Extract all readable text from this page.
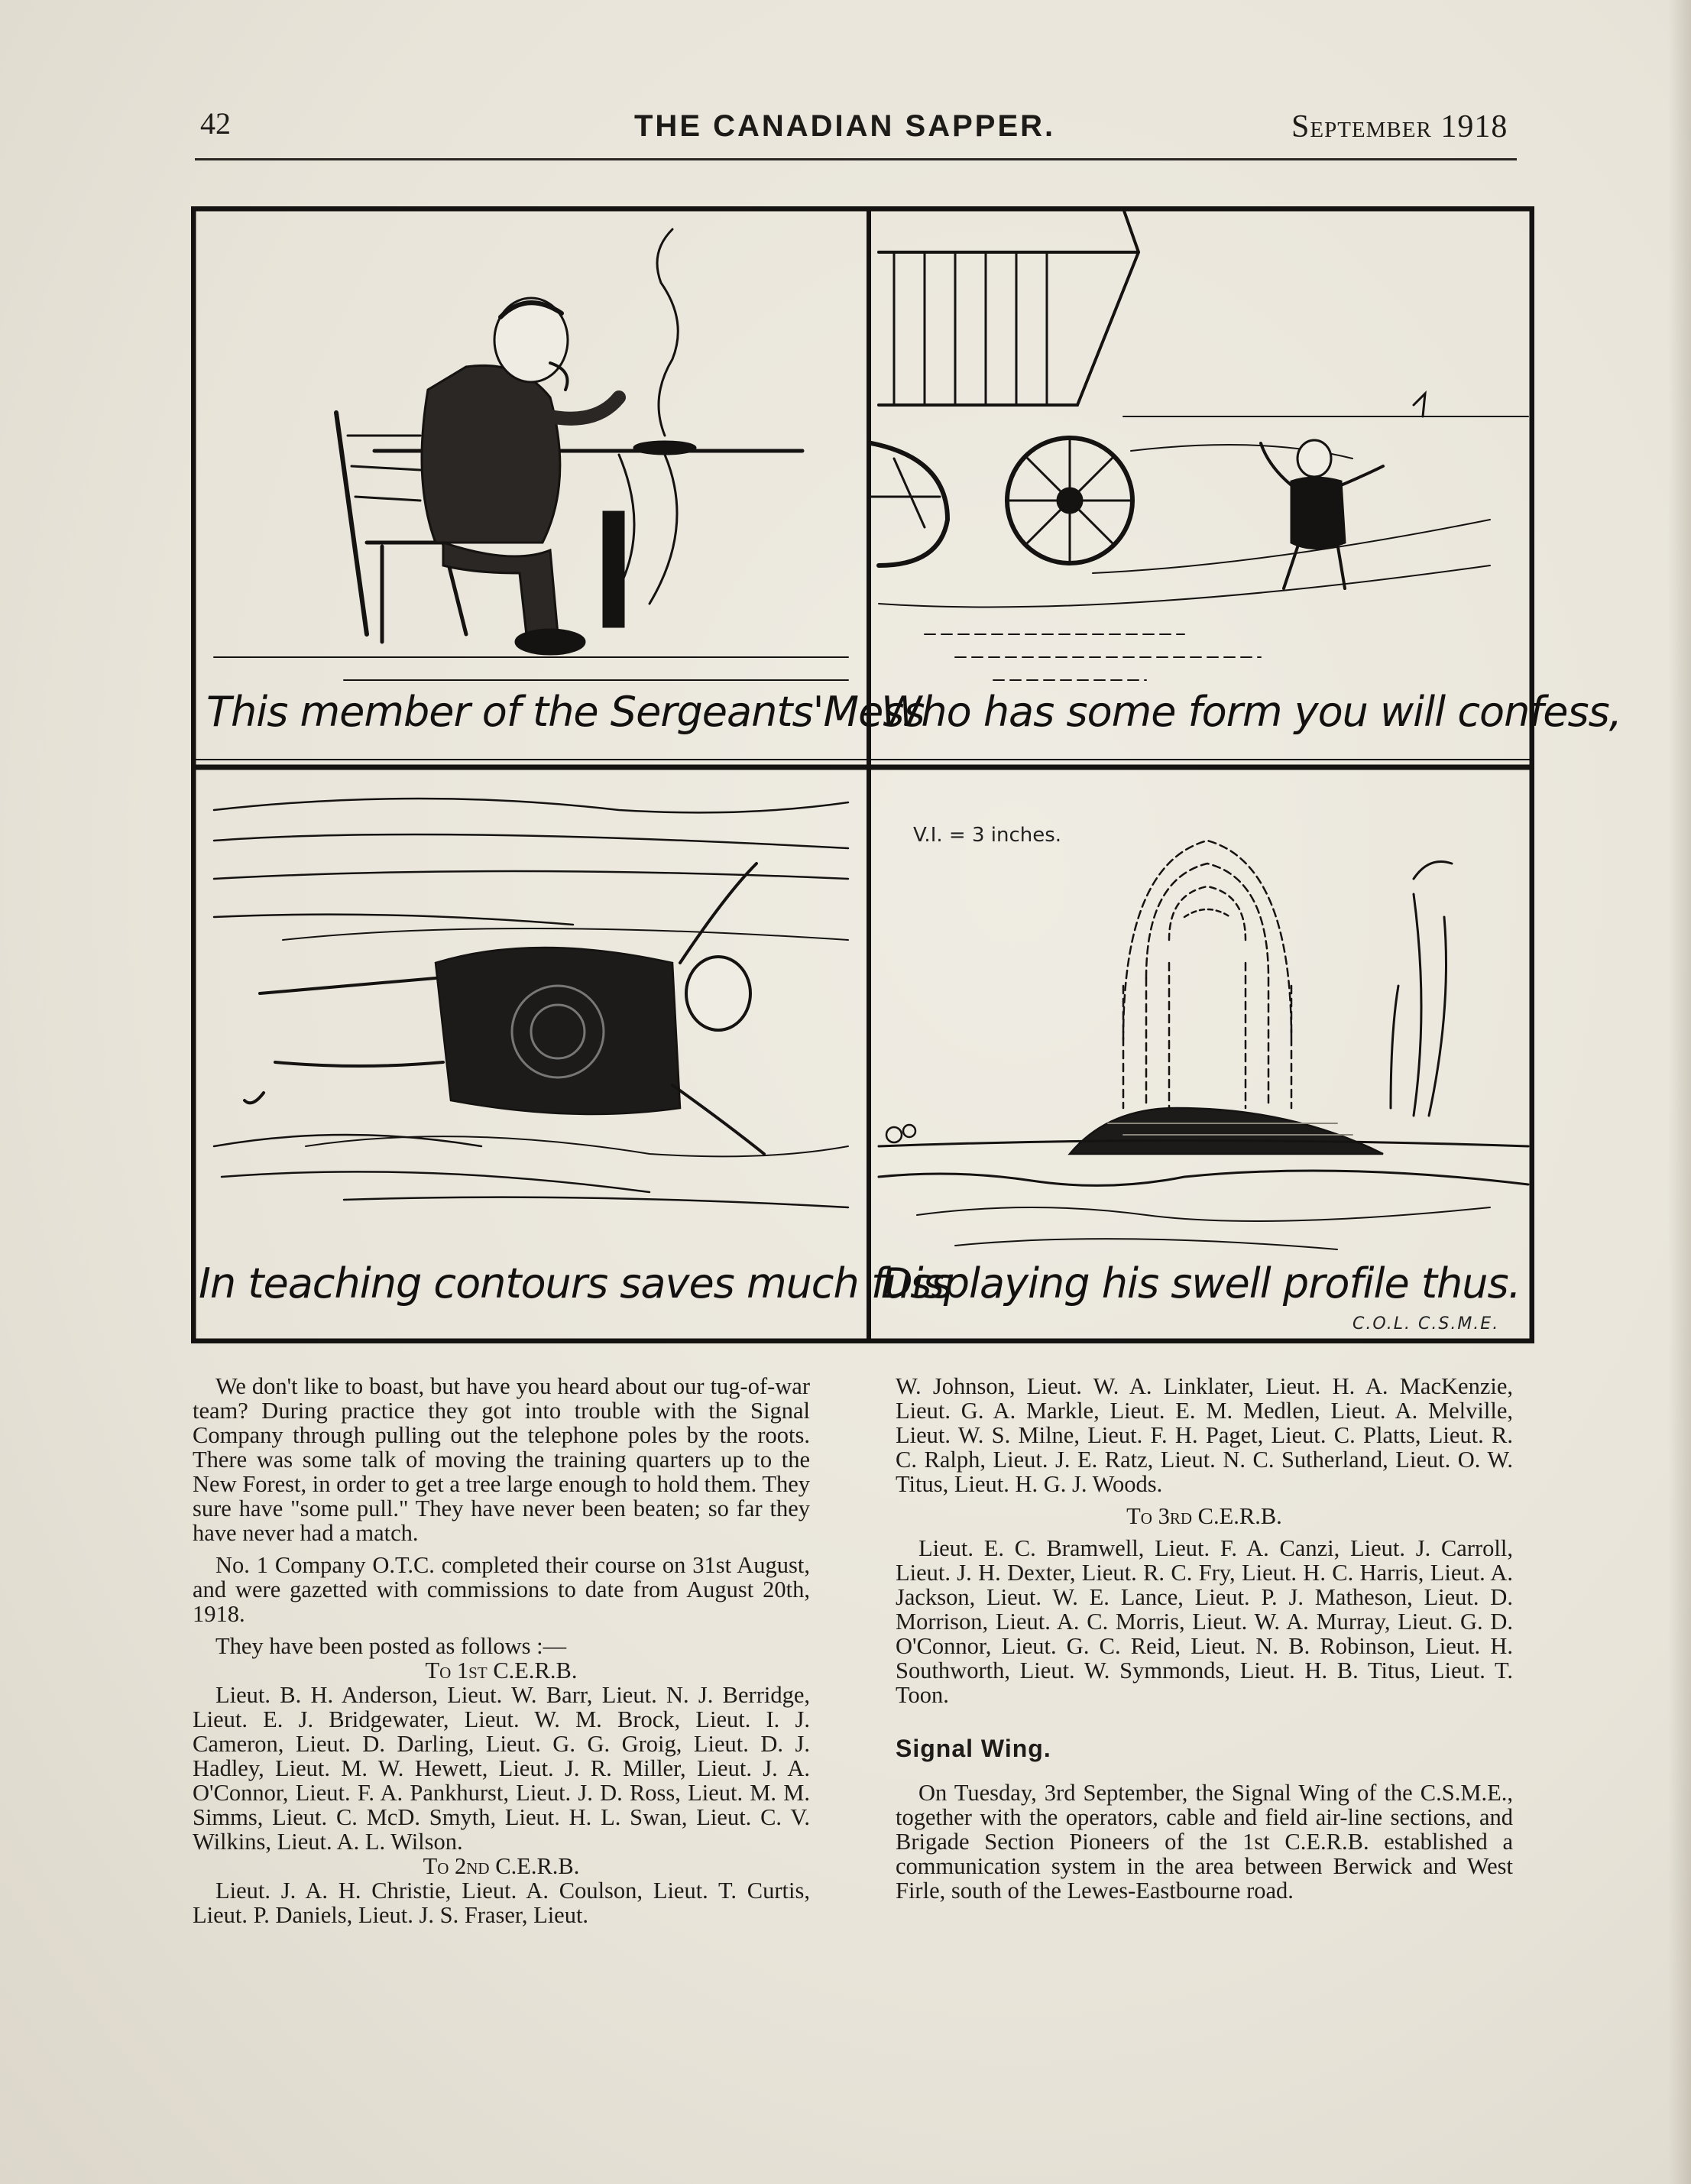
42	THE CANADIAN SAPPER.	September 1918
This member of the Sergeants'Mess
Who has some form you will confess,
In teaching contours saves much fuss
Displaying his swell profile thus.
V.I. = 3 inches.
C.O.L. C.S.M.E.

We don't like to boast, but have you heard about our tug-of-war team? During practice they got into trouble with the Signal Company through pulling out the telephone poles by the roots. There was some talk of moving the training quarters up to the New Forest, in order to get a tree large enough to hold them. They sure have "some pull." They have never been beaten; so far they have never had a match.

No. 1 Company O.T.C. completed their course on 31st August, and were gazetted with commissions to date from August 20th, 1918.

They have been posted as follows :—

To 1st C.E.R.B.

Lieut. B. H. Anderson, Lieut. W. Barr, Lieut. N. J. Berridge, Lieut. E. J. Bridgewater, Lieut. W. M. Brock, Lieut. I. J. Cameron, Lieut. D. Darling, Lieut. G. G. Groig, Lieut. D. J. Hadley, Lieut. M. W. Hewett, Lieut. J. R. Miller, Lieut. J. A. O'Connor, Lieut. F. A. Pankhurst, Lieut. J. D. Ross, Lieut. M. M. Simms, Lieut. C. McD. Smyth, Lieut. H. L. Swan, Lieut. C. V. Wilkins, Lieut. A. L. Wilson.

To 2nd C.E.R.B.

Lieut. J. A. H. Christie, Lieut. A. Coulson, Lieut. T. Curtis, Lieut. P. Daniels, Lieut. J. S. Fraser, Lieut.

W. Johnson, Lieut. W. A. Linklater, Lieut. H. A. MacKenzie, Lieut. G. A. Markle, Lieut. E. M. Medlen, Lieut. A. Melville, Lieut. W. S. Milne, Lieut. F. H. Paget, Lieut. C. Platts, Lieut. R. C. Ralph, Lieut. J. E. Ratz, Lieut. N. C. Sutherland, Lieut. O. W. Titus, Lieut. H. G. J. Woods.

To 3rd C.E.R.B.

Lieut. E. C. Bramwell, Lieut. F. A. Canzi, Lieut. J. Carroll, Lieut. J. H. Dexter, Lieut. R. C. Fry, Lieut. H. C. Harris, Lieut. A. Jackson, Lieut. W. E. Lance, Lieut. P. J. Matheson, Lieut. D. Morrison, Lieut. A. C. Morris, Lieut. W. A. Murray, Lieut. G. D. O'Connor, Lieut. G. C. Reid, Lieut. N. B. Robinson, Lieut. H. Southworth, Lieut. W. Symmonds, Lieut. H. B. Titus, Lieut. T. Toon.

Signal Wing.

On Tuesday, 3rd September, the Signal Wing of the C.S.M.E., together with the operators, cable and field air-line sections, and Brigade Section Pioneers of the 1st C.E.R.B. established a communication system in the area between Berwick and West Firle, south of the Lewes-Eastbourne road.
